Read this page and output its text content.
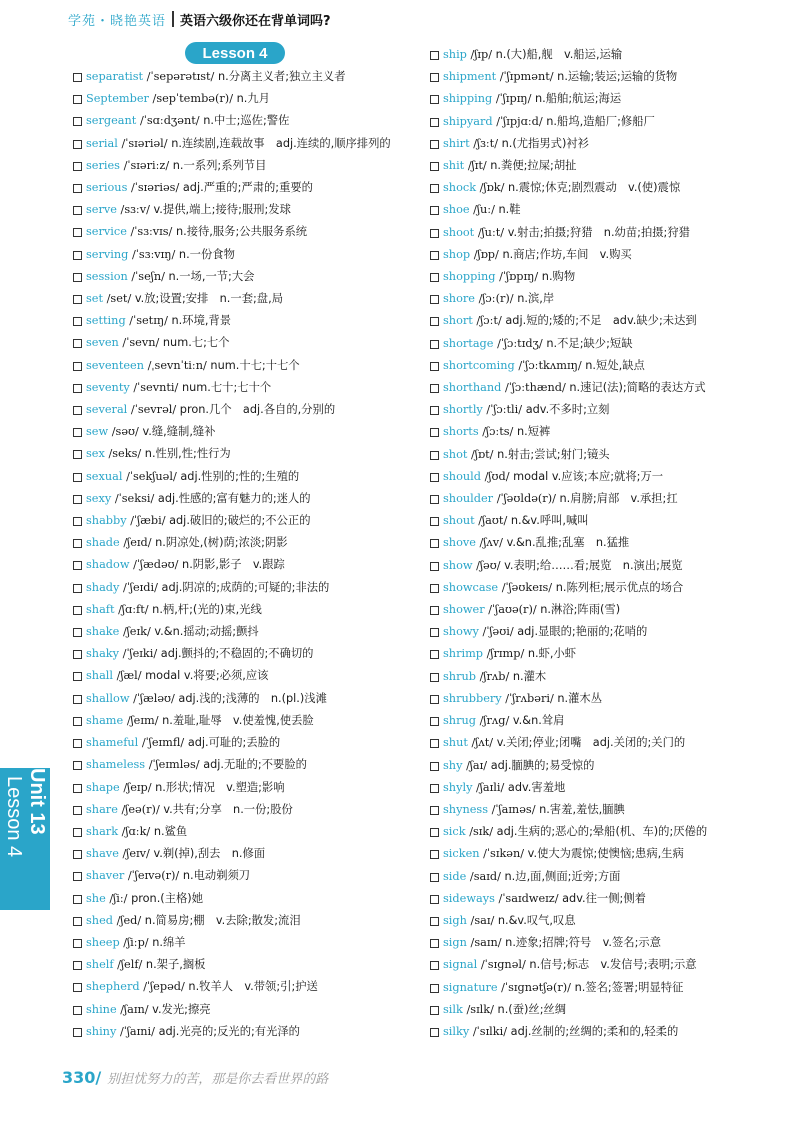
学苑・晓艳英语 英语六级你还在背单词吗?
Lesson 4
separatist /ˈsepərətɪst/ n.分离主义者;独立主义者
September /sepˈtembə(r)/ n.九月
sergeant /ˈsɑːdʒənt/ n.中士;巡佐;警佐
serial /ˈsɪəriəl/ n.连续剧,连载故事　adj.连续的,顺序排列的
series /ˈsɪəriːz/ n.一系列;系列节目
serious /ˈsɪəriəs/ adj.严重的;严肃的;重要的
serve /sɜːv/ v.提供,端上;接待;服刑;发球
service /ˈsɜːvɪs/ n.接待,服务;公共服务系统
serving /ˈsɜːvɪŋ/ n.一份食物
session /ˈseʃn/ n.一场,一节;大会
set /set/ v.放;设置;安排　n.一套;盘,局
setting /ˈsetɪŋ/ n.环境,背景
seven /ˈsevn/ num.七;七个
seventeen /ˌsevnˈtiːn/ num.十七;十七个
seventy /ˈsevnti/ num.七十;七十个
several /ˈsevrəl/ pron.几个　adj.各自的,分别的
sew /səʊ/ v.缝,缝制,缝补
sex /seks/ n.性别,性;性行为
sexual /ˈsekʃuəl/ adj.性别的;性的;生殖的
sexy /ˈseksi/ adj.性感的;富有魅力的;迷人的
shabby /ˈʃæbi/ adj.破旧的;破烂的;不公正的
shade /ʃeɪd/ n.阴凉处,(树)荫;浓淡;阴影
shadow /ˈʃædəʊ/ n.阴影,影子　v.跟踪
shady /ˈʃeɪdi/ adj.阴凉的;成荫的;可疑的;非法的
shaft /ʃɑːft/ n.柄,杆;(光的)束,光线
shake /ʃeɪk/ v.&n.摇动;动摇;颤抖
shaky /ˈʃeɪki/ adj.颤抖的;不稳固的;不确切的
shall /ʃæl/ modal v.将要;必须,应该
shallow /ˈʃæləʊ/ adj.浅的;浅薄的　n.(pl.)浅滩
shame /ʃeɪm/ n.羞耻,耻辱　v.使羞愧,使丢脸
shameful /ˈʃeɪmfl/ adj.可耻的;丢脸的
shameless /ˈʃeɪmləs/ adj.无耻的;不要脸的
shape /ʃeɪp/ n.形状;情况　v.塑造;影响
share /ʃeə(r)/ v.共有;分享　n.一份;股份
shark /ʃɑːk/ n.鲨鱼
shave /ʃeɪv/ v.剃(掉),刮去　n.修面
shaver /ˈʃeɪvə(r)/ n.电动剃须刀
she /ʃiː/ pron.(主格)她
shed /ʃed/ n.简易房;棚　v.去除;散发;流泪
sheep /ʃiːp/ n.绵羊
shelf /ʃelf/ n.架子,搁板
shepherd /ˈʃepəd/ n.牧羊人　v.带领;引;护送
shine /ʃaɪn/ v.发光;擦亮
shiny /ˈʃaɪni/ adj.光亮的;反光的;有光泽的
ship /ʃɪp/ n.(大)船,舰　v.船运,运输
shipment /ˈʃɪpmənt/ n.运输;装运;运输的货物
shipping /ˈʃɪpɪŋ/ n.船舶;航运;海运
shipyard /ˈʃɪpjɑːd/ n.船坞,造船厂;修船厂
shirt /ʃɜːt/ n.(尤指男式)衬衫
shit /ʃɪt/ n.粪便;拉屎;胡扯
shock /ʃɒk/ n.震惊;休克;剧烈震动　v.(使)震惊
shoe /ʃuː/ n.鞋
shoot /ʃuːt/ v.射击;拍摄;狩猎　n.幼苗;拍摄;狩猎
shop /ʃɒp/ n.商店;作坊,车间　v.购买
shopping /ˈʃɒpɪŋ/ n.购物
shore /ʃɔː(r)/ n.滨,岸
short /ʃɔːt/ adj.短的;矮的;不足　adv.缺少;未达到
shortage /ˈʃɔːtɪdʒ/ n.不足;缺少;短缺
shortcoming /ˈʃɔːtkʌmɪŋ/ n.短处,缺点
shorthand /ˈʃɔːthænd/ n.速记(法);简略的表达方式
shortly /ˈʃɔːtli/ adv.不多时;立刻
shorts /ʃɔːts/ n.短裤
shot /ʃɒt/ n.射击;尝试;射门;镜头
should /ʃʊd/ modal v.应该;本应;就将;万一
shoulder /ˈʃəʊldə(r)/ n.肩膀;肩部　v.承担;扛
shout /ʃaʊt/ n.&v.呼叫,喊叫
shove /ʃʌv/ v.&n.乱推;乱塞　n.猛推
show /ʃəʊ/ v.表明;给……看;展览　n.演出;展览
showcase /ˈʃəʊkeɪs/ n.陈列柜;展示优点的场合
shower /ˈʃaʊə(r)/ n.淋浴;阵雨(雪)
showy /ˈʃəʊi/ adj.显眼的;艳丽的;花哨的
shrimp /ʃrɪmp/ n.虾,小虾
shrub /ʃrʌb/ n.灌木
shrubbery /ˈʃrʌbəri/ n.灌木丛
shrug /ʃrʌg/ v.&n.耸肩
shut /ʃʌt/ v.关闭;停业;闭嘴　adj.关闭的;关门的
shy /ʃaɪ/ adj.腼腆的;易受惊的
shyly /ʃaɪli/ adv.害羞地
shyness /ˈʃaɪnəs/ n.害羞,羞怯,腼腆
sick /sɪk/ adj.生病的;恶心的;晕船(机、车)的;厌倦的
sicken /ˈsɪkən/ v.使大为震惊;使懊恼;患病,生病
side /saɪd/ n.边,面,侧面;近旁;方面
sideways /ˈsaɪdweɪz/ adv.往一侧;侧着
sigh /saɪ/ n.&v.叹气,叹息
sign /saɪn/ n.迹象;招牌;符号　v.签名;示意
signal /ˈsɪgnəl/ n.信号;标志　v.发信号;表明;示意
signature /ˈsɪgnətʃə(r)/ n.签名;签署;明显特征
silk /sɪlk/ n.(蚕)丝;丝绸
silky /ˈsɪlki/ adj.丝制的;丝绸的;柔和的,轻柔的
Unit 13 Lesson 4
330/ 别担忧努力的苦，那是你去看世界的路
